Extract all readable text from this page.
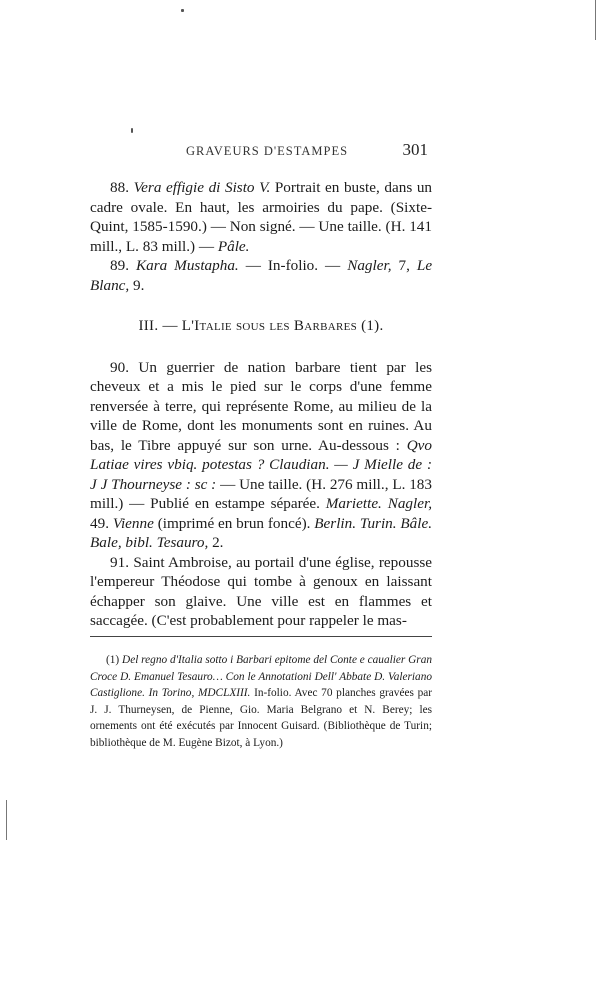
GRAVEURS D'ESTAMPES	301

88. Vera effigie di Sisto V. Portrait en buste, dans un cadre ovale. En haut, les armoiries du pape. (Sixte-Quint, 1585-1590.) — Non signé. — Une taille. (H. 141 mill., L. 83 mill.) — Pâle.

89. Kara Mustapha. — In-folio. — Nagler, 7, Le Blanc, 9.

III. — L'Italie sous les Barbares (1).

90. Un guerrier de nation barbare tient par les cheveux et a mis le pied sur le corps d'une femme renversée à terre, qui représente Rome, au milieu de la ville de Rome, dont les monuments sont en ruines. Au bas, le Tibre appuyé sur son urne. Au-dessous : Qvo Latiae vires vbiq. potestas ? Claudian. — J Mielle de : J J Thourneyse : sc : — Une taille. (H. 276 mill., L. 183 mill.) — Publié en estampe séparée. Mariette. Nagler, 49. Vienne (imprimé en brun foncé). Berlin. Turin. Bâle. Bale, bibl. Tesauro, 2.

91. Saint Ambroise, au portail d'une église, repousse l'empereur Théodose qui tombe à genoux en laissant échapper son glaive. Une ville est en flammes et saccagée. (C'est probablement pour rappeler le mas-

(1) Del regno d'Italia sotto i Barbari epitome del Conte e caualier Gran Croce D. Emanuel Tesauro… Con le Annotationi Dell' Abbate D. Valeriano Castiglione. In Torino, MDCLXIII. In-folio. Avec 70 planches gravées par J. J. Thurneysen, de Pienne, Gio. Maria Belgrano et N. Berey; les ornements ont été exécutés par Innocent Guisard. (Bibliothèque de Turin; bibliothèque de M. Eugène Bizot, à Lyon.)
